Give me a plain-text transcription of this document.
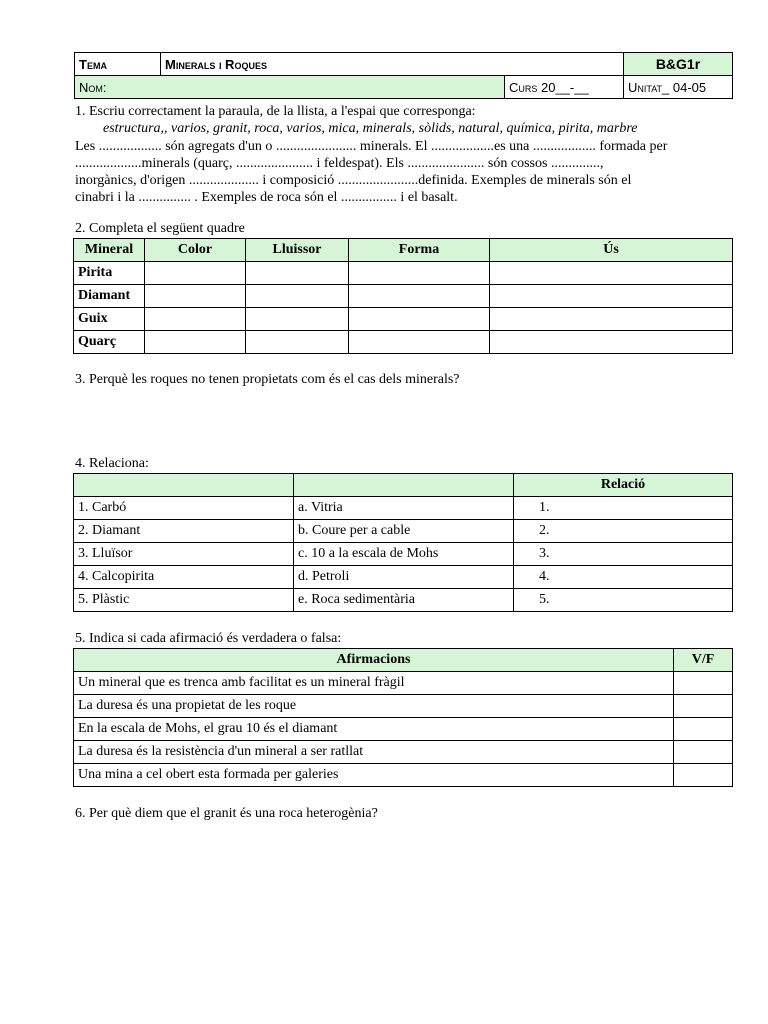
Tema	Minerals i Roques		B&G1r
Nom:		Curs 20__-__	Unitat_ 04-05
1. Escriu correctament la paraula, de la llista, a l'espai que corresponga:
estructura,, varios, granit, roca, varios, mica, minerals, sòlids, natural, química, pirita, marbre
Les .................. són agregats d'un o ....................... minerals. El ..................es una .................. formada per
...................minerals (quarç, ...................... i feldespat). Els ...................... són cossos ..............,
inorgànics, d'origen .................... i composició .......................definida. Exemples de minerals són el
cinabri i la ............... . Exemples de roca són el ................ i el basalt.
2. Completa el següent quadre
Mineral	Color	Lluissor	Forma	Ús
Pirita				
Diamant				
Guix				
Quarç				
3. Perquè les roques no tenen propietats com és el cas dels minerals?
4. Relaciona:
		Relació
1. Carbó	a. Vitria	1.
2. Diamant	b. Coure per a cable	2.
3. Lluïsor	c. 10 a la escala de Mohs	3.
4. Calcopirita	d. Petroli	4.
5. Plàstic	e. Roca sedimentària	5.
5. Indica si cada afirmació és verdadera o falsa:
Afirmacions	V/F
Un mineral que es trenca amb facilitat es un mineral fràgil	
La duresa és una propietat de les roque	
En la escala de Mohs, el grau 10 és el diamant	
La duresa és la resistència d'un mineral a ser ratllat	
Una mina a cel obert esta formada per galeries	
6. Per què diem que el granit és una roca heterogènia?
